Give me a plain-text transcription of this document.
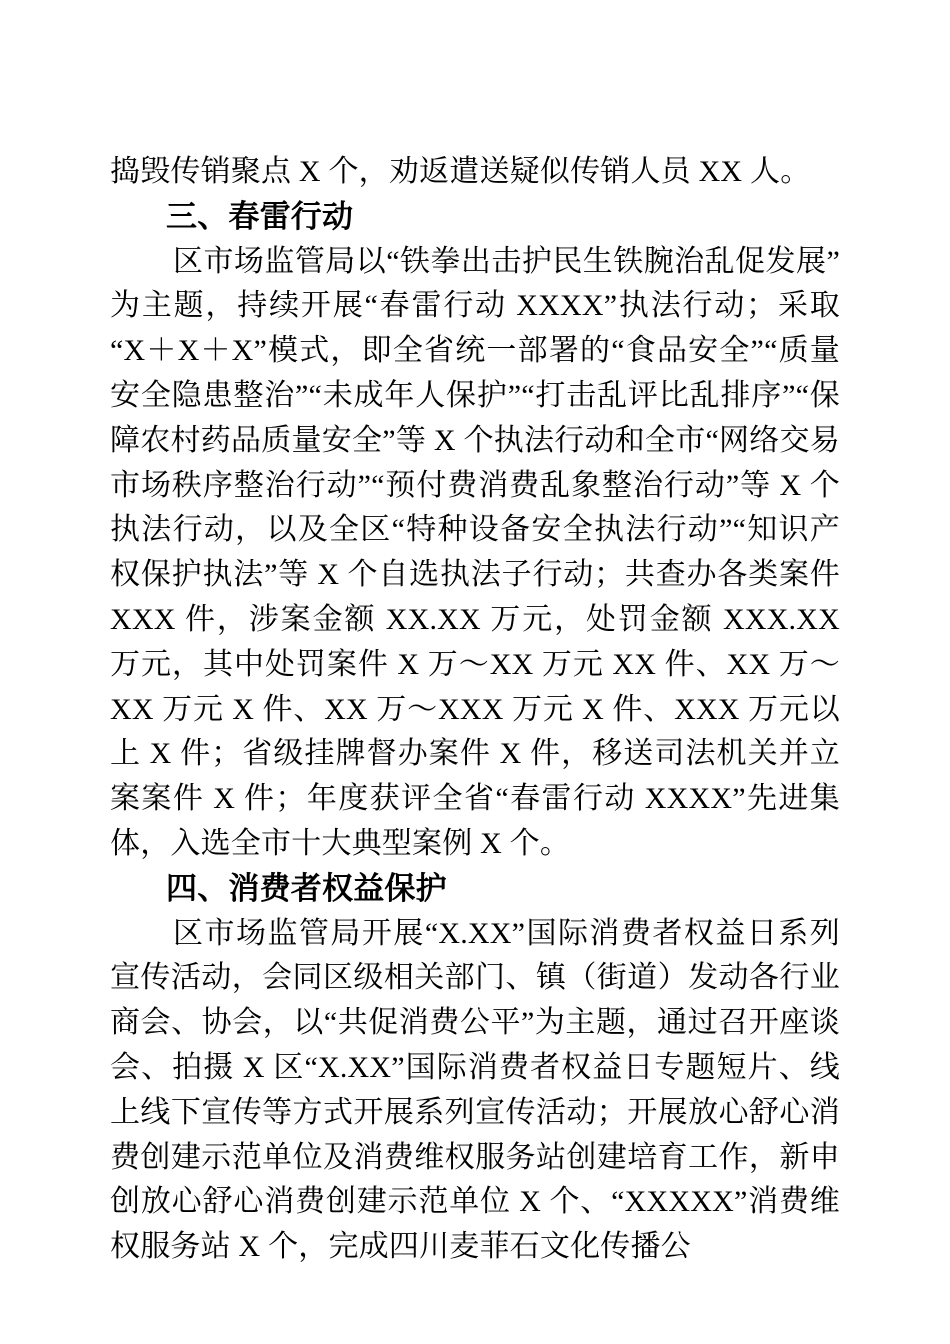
捣毁传销聚点 X 个，劝返遣送疑似传销人员 XX 人。

三、春雷行动

区市场监管局以“铁拳出击护民生铁腕治乱促发展”为主题，持续开展“春雷行动 XXXX”执法行动；采取“X＋X＋X”模式，即全省统一部署的“食品安全”“质量安全隐患整治”“未成年人保护”“打击乱评比乱排序”“保障农村药品质量安全”等 X 个执法行动和全市“网络交易市场秩序整治行动”“预付费消费乱象整治行动”等 X 个执法行动，以及全区“特种设备安全执法行动”“知识产权保护执法”等 X 个自选执法子行动；共查办各类案件 XXX 件，涉案金额 XX.XX 万元，处罚金额 XXX.XX 万元，其中处罚案件 X 万〜XX 万元 XX 件、XX 万〜XX 万元 X 件、XX 万〜XXX 万元 X 件、XXX 万元以上 X 件；省级挂牌督办案件 X 件，移送司法机关并立案案件 X 件；年度获评全省“春雷行动 XXXX”先进集体，入选全市十大典型案例 X 个。

四、消费者权益保护

区市场监管局开展“X.XX”国际消费者权益日系列宣传活动，会同区级相关部门、镇（街道）发动各行业商会、协会，以“共促消费公平”为主题，通过召开座谈会、拍摄 X 区“X.XX”国际消费者权益日专题短片、线上线下宣传等方式开展系列宣传活动；开展放心舒心消费创建示范单位及消费维权服务站创建培育工作，新申创放心舒心消费创建示范单位 X 个、“XXXXX”消费维权服务站 X 个，完成四川麦菲石文化传播公
